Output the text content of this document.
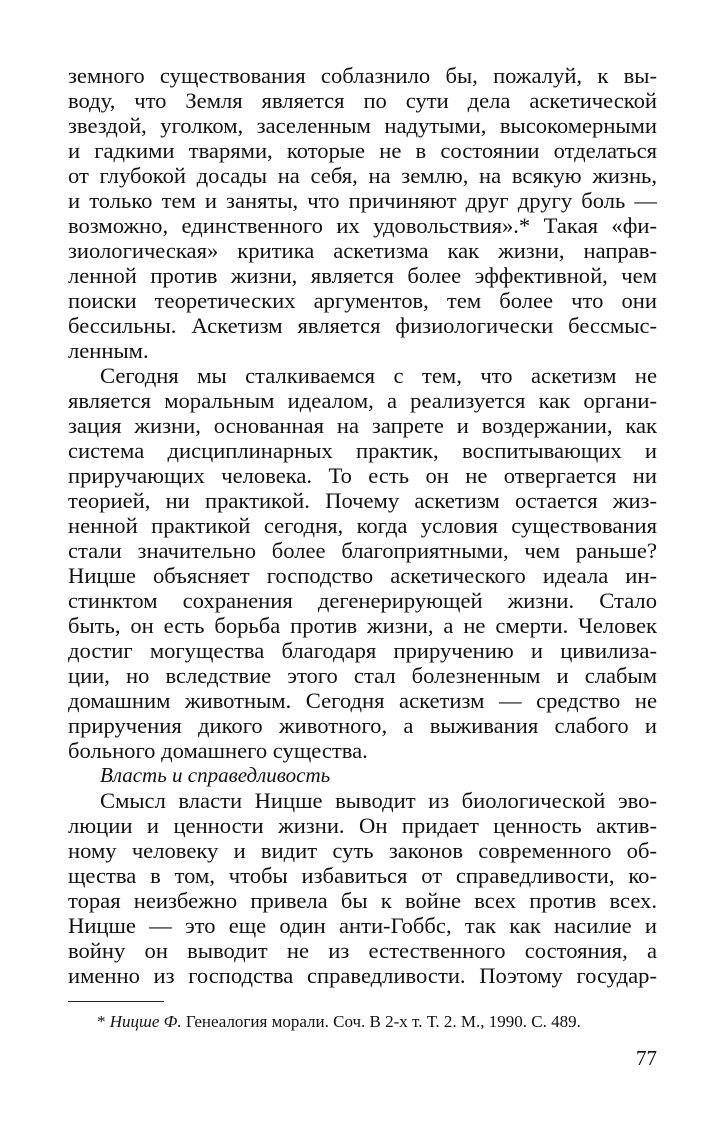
земного существования соблазнило бы, пожалуй, к вы-
воду, что Земля является по сути дела аскетической
звездой, уголком, заселенным надутыми, высокомерными
и гадкими тварями, которые не в состоянии отделаться
от глубокой досады на себя, на землю, на всякую жизнь,
и только тем и заняты, что причиняют друг другу боль —
возможно, единственного их удовольствия».* Такая «фи-
зиологическая» критика аскетизма как жизни, направ-
ленной против жизни, является более эффективной, чем
поиски теоретических аргументов, тем более что они
бессильны. Аскетизм является физиологически бессмыс-
ленным.
Сегодня мы сталкиваемся с тем, что аскетизм не
является моральным идеалом, а реализуется как органи-
зация жизни, основанная на запрете и воздержании, как
система дисциплинарных практик, воспитывающих и
приручающих человека. То есть он не отвергается ни
теорией, ни практикой. Почему аскетизм остается жиз-
ненной практикой сегодня, когда условия существования
стали значительно более благоприятными, чем раньше?
Ницше объясняет господство аскетического идеала ин-
стинктом сохранения дегенерирующей жизни. Стало
быть, он есть борьба против жизни, а не смерти. Человек
достиг могущества благодаря приручению и цивилиза-
ции, но вследствие этого стал болезненным и слабым
домашним животным. Сегодня аскетизм — средство не
приручения дикого животного, а выживания слабого и
больного домашнего существа.
Власть и справедливость
Смысл власти Ницше выводит из биологической эво-
люции и ценности жизни. Он придает ценность актив-
ному человеку и видит суть законов современного об-
щества в том, чтобы избавиться от справедливости, ко-
торая неизбежно привела бы к войне всех против всех.
Ницше — это еще один анти-Гоббс, так как насилие и
войну он выводит не из естественного состояния, а
именно из господства справедливости. Поэтому государ-
* Ницше Ф. Генеалогия морали. Соч. В 2-х т. Т. 2. М., 1990. С. 489.
77
